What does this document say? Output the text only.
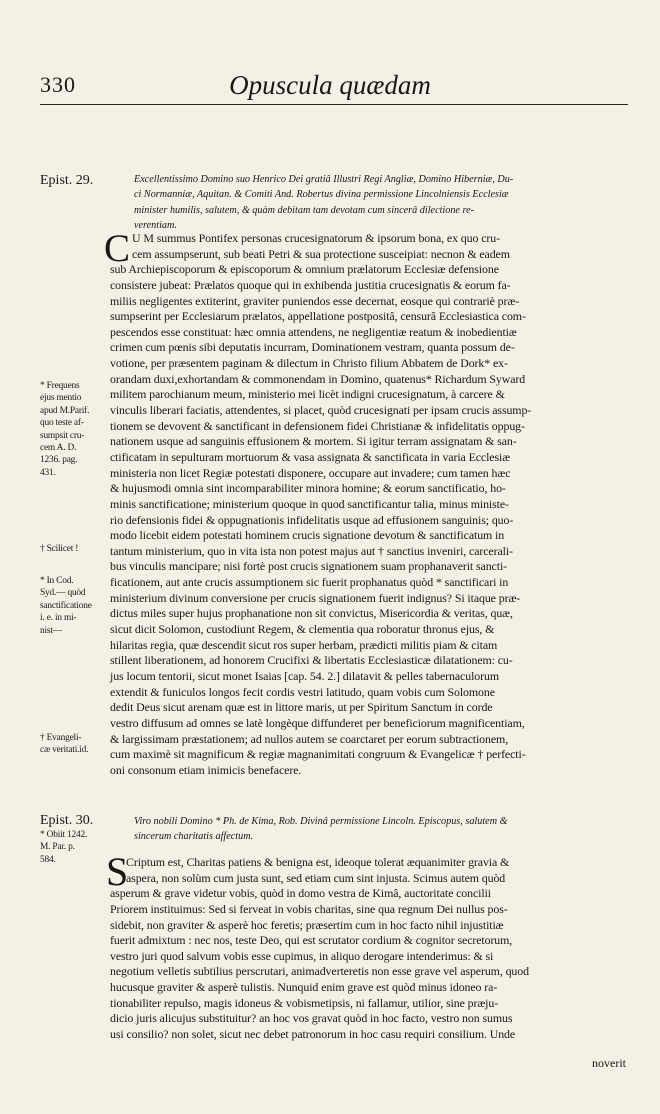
330	Opuscula quædam
Epist. 29.	Excellentissimo Domino suo Henrico Dei gratiâ Illustri Regi Angliæ, Domino Hiberniæ, Du-
ci Normanniæ, Aquitan. & Comiti And. Robertus divina permissione Lincolniensis Ecclesiæ
minister humilis, salutem, & quàm debitam tam devotam cum sincerâ dilectione re-
verentiam.
C U M summus Pontifex personas crucesignatorum & ipsorum bona, ex quo cru-
cem assumpserunt, sub beati Petri & sua protectione susceipiat: necnon & eadem
sub Archiepiscoporum & episcoporum & omnium prælatorum Ecclesiæ defensione
consistere jubeat: Prælatos quoque qui in exhibenda justitia crucesignatis & eorum fa-
miliis negligentes extiterint, graviter puniendos esse decernat, eosque qui contrariè præ-
sumpserint per Ecclesiarum prælatos, appellatione postpositâ, censurâ Ecclesiastica com-
pescendos esse constituat: hæc omnia attendens, ne negligentiæ reatum & inobedientiæ
crimen cum pœnis sibi deputatis incurram, Dominationem vestram, quanta possum de-
votione, per præsentem paginam & dilectum in Christo filium Abbatem de Dork* ex-
orandam duxi,exhortandam & commonendam in Domino, quatenus* Richardum Syward
militem parochianum meum, ministerio mei licèt indigni crucesignatum, à carcere &
vinculis liberari faciatis, attendentes, si placet, quòd crucesignati per ipsam crucis assump-
tionem se devovent & sanctificant in defensionem fidei Christianæ & infidelitatis oppug-
nationem usque ad sanguinis effusionem & mortem. Si igitur terram assignatam & san-
ctificatam in sepulturam mortuorum & vasa assignata & sanctificata in varia Ecclesiæ
ministeria non licet Regiæ potestati disponere, occupare aut invadere; cum tamen hæc
& hujusmodi omnia sint incomparabiliter minora homine; & eorum sanctificatio, ho-
minis sanctificatione; ministerium quoque in quod sanctificantur talia, minus ministe-
rio defensionis fidei & oppugnationis infidelitatis usque ad effusionem sanguinis; quo-
modo licebit eidem potestati hominem crucis signatione devotum & sanctificatum in
tantum ministerium, quo in vita ista non potest majus aut † sanctius inveniri, carcerali-
bus vinculis mancipare; nisi fortè post crucis signationem suam prophanaverit sancti-
ficationem, aut ante crucis assumptionem sic fuerit prophanatus quòd * sanctificari in
ministerium divinum conversione per crucis signationem fuerit indignus? Si itaque præ-
dictus miles super hujus prophanatione non sit convictus, Misericordia & veritas, quæ,
sicut dicit Solomon, custodiunt Regem, & clementia qua roboratur thronus ejus, &
hilaritas regia, quæ descendit sicut ros super herbam, prædicti militis piam & citam
stillent liberationem, ad honorem Crucifixi & libertatis Ecclesiasticæ dilatationem: cu-
jus locum tentorii, sicut monet Isaias [cap. 54. 2.] dilatavit & pelles tabernaculorum
extendit & funiculos longos fecit cordis vestri latitudo, quam vobis cum Solomone
dedit Deus sicut arenam quæ est in littore maris, ut per Spiritum Sanctum in corde
vestro diffusum ad omnes se latè longèque diffunderet per beneficiorum magnificentiam,
& largissimam præstationem; ad nullos autem se coarctaret per eorum subtractionem,
cum maximè sit magnificum & regiæ magnanimitati congruum & Evangelicæ † perfecti-
oni consonum etiam inimicis benefacere.
* Frequens
ejus mentio
apud M.Parif.
quo teste af-
sumpsit cru-
cem A. D.
1236. pag.
431.
† Scilicet !
* In Cod.
Syd.— quòd
sanctificatione
i. e. in mi-
nist—
† Evangeli-
cæ veritati.id.
Epist. 30.
* Obiit 1242.
M. Par. p.
584.
Viro nobili Domino * Ph. de Kima, Rob. Divinâ permissione Lincoln. Episcopus, salutem &
sincerum charitatis affectum.
S
Criptum est, Charitas patiens & benigna est, ideoque tolerat æquanimiter gravia &
aspera, non solùm cum justa sunt, sed etiam cum sint injusta. Scimus autem quòd
asperum & grave videtur vobis, quòd in domo vestra de Kimâ, auctoritate concilii
Priorem instituimus: Sed si ferveat in vobis charitas, sine qua regnum Dei nullus pos-
sidebit, non graviter & asperè hoc feretis; præsertim cum in hoc facto nihil injustitiæ
fuerit admixtum : nec nos, teste Deo, qui est scrutator cordium & cognitor secretorum,
vestro juri quod salvum vobis esse cupimus, in aliquo derogare intenderimus: & si
negotium velletis subtilius perscrutari, animadverteretis non esse grave vel asperum, quod
hucusque graviter & asperè tulistis. Nunquid enim grave est quòd minus idoneo ra-
tionabiliter repulso, magis idoneus & vobismetipsis, ni fallamur, utilior, sine præju-
dicio juris alicujus substituitur? an hoc vos gravat quòd in hoc facto, vestro non sumus
usi consilio? non solet, sicut nec debet patronorum in hoc casu requiri consilium. Unde
noverit
